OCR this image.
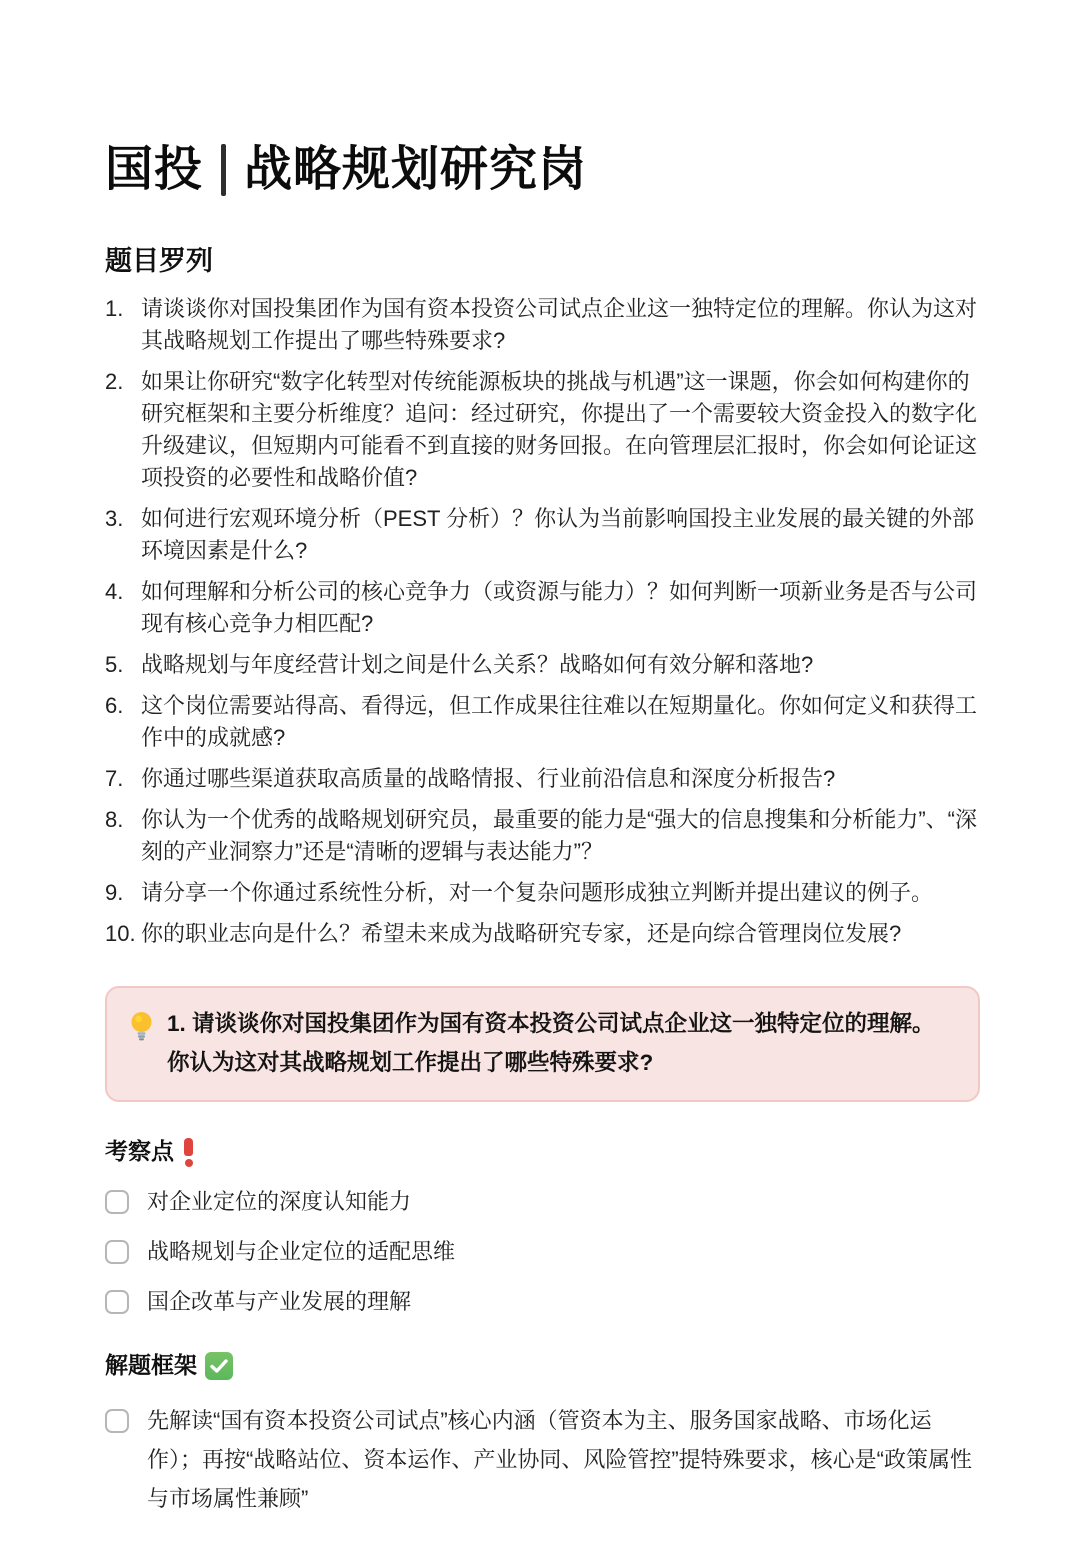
国投 战略规划研究岗
题目罗列
1. 请谈谈你对国投集团作为国有资本投资公司试点企业这一独特定位的理解。你认为这对其战略规划工作提出了哪些特殊要求?
2. 如果让你研究“数字化转型对传统能源板块的挑战与机遇”这一课题，你会如何构建你的研究框架和主要分析维度？追问：经过研究，你提出了一个需要较大资金投入的数字化升级建议，但短期内可能看不到直接的财务回报。在向管理层汇报时，你会如何论证这项投资的必要性和战略价值?
3. 如何进行宏观环境分析（PEST 分析）？你认为当前影响国投主业发展的最关键的外部环境因素是什么?
4. 如何理解和分析公司的核心竞争力（或资源与能力）？如何判断一项新业务是否与公司现有核心竞争力相匹配?
5. 战略规划与年度经营计划之间是什么关系？战略如何有效分解和落地?
6. 这个岗位需要站得高、看得远，但工作成果往往难以在短期量化。你如何定义和获得工作中的成就感?
7. 你通过哪些渠道获取高质量的战略情报、行业前沿信息和深度分析报告?
8. 你认为一个优秀的战略规划研究员，最重要的能力是“强大的信息搜集和分析能力”、“深刻的产业洞察力”还是“清晰的逻辑与表达能力”？
9. 请分享一个你通过系统性分析，对一个复杂问题形成独立判断并提出建议的例子。
10. 你的职业志向是什么？希望未来成为战略研究专家，还是向综合管理岗位发展?
1. 请谈谈你对国投集团作为国有资本投资公司试点企业这一独特定位的理解。你认为这对其战略规划工作提出了哪些特殊要求?
考察点
对企业定位的深度认知能力
战略规划与企业定位的适配思维
国企改革与产业发展的理解
解题框架
先解读“国有资本投资公司试点”核心内涵（管资本为主、服务国家战略、市场化运作）；再按“战略站位、资本运作、产业协同、风险管控”提特殊要求，核心是“政策属性与市场属性兼顾”
